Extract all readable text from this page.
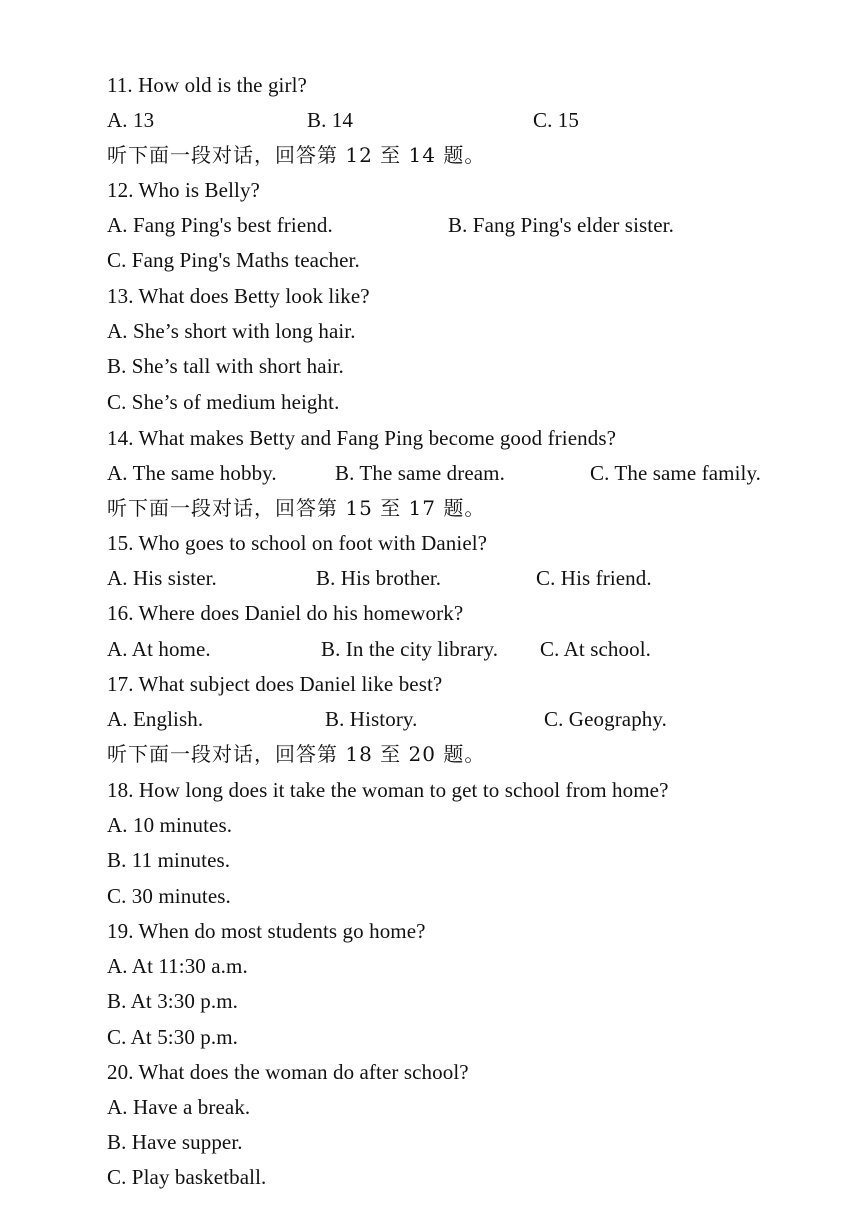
11. How old is the girl?
A. 13	B. 14	C. 15
听下面一段对话，回答第 12 至 14 题。
12. Who is Belly?
A. Fang Ping's best friend.	B. Fang Ping's elder sister.
C. Fang Ping's Maths teacher.
13. What does Betty look like?
A. She’s short with long hair.
B. She’s tall with short hair.
C. She’s of medium height.
14. What makes Betty and Fang Ping become good friends?
A. The same hobby.	B. The same dream.	C. The same family.
听下面一段对话，回答第 15 至 17 题。
15. Who goes to school on foot with Daniel?
A. His sister.	B. His brother.	C. His friend.
16. Where does Daniel do his homework?
A. At home.	B. In the city library. C. At school.
17. What subject does Daniel like best?
A. English.	B. History.	C. Geography.
听下面一段对话，回答第 18 至 20 题。
18. How long does it take the woman to get to school from home?
A. 10 minutes.
B. 11 minutes.
C. 30 minutes.
19. When do most students go home?
A. At 11:30 a.m.
B. At 3:30 p.m.
C. At 5:30 p.m.
20. What does the woman do after school?
A. Have a break.
B. Have supper.
C. Play basketball.
